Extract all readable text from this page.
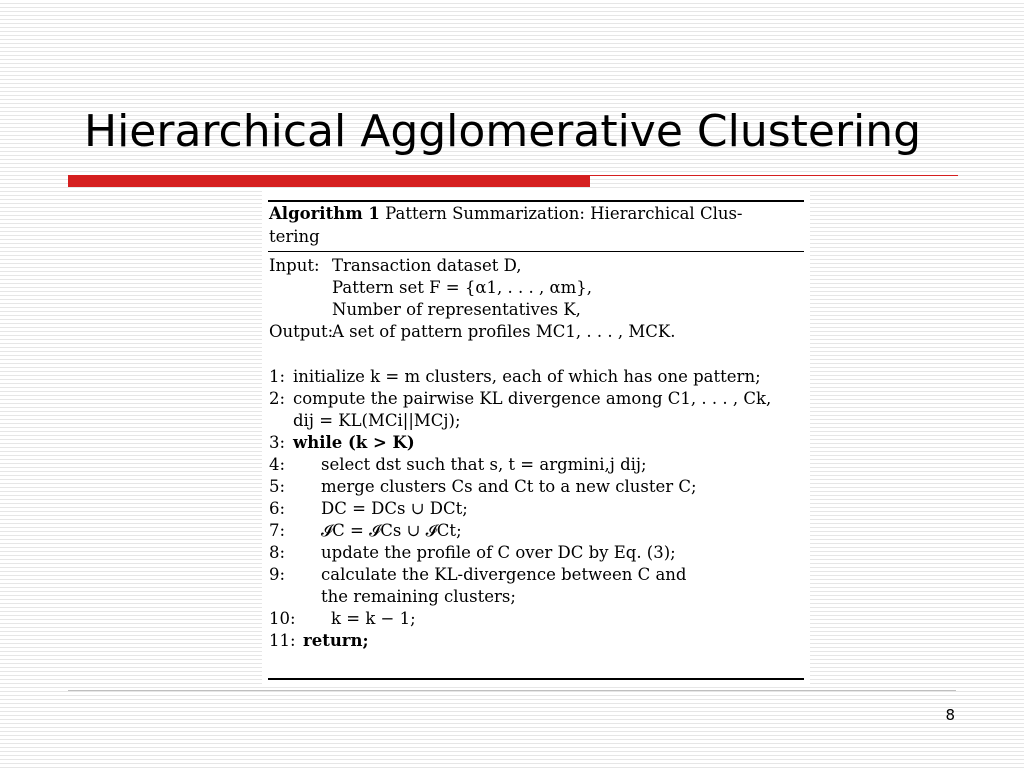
Hierarchical Agglomerative Clustering
Algorithm 1 Pattern Summarization: Hierarchical Clus-
tering
Input: Transaction dataset D,
Pattern set F = {α1, . . . , αm},
Number of representatives K,
Output:
A set of pattern profiles MC1, . . . , MCK.
1: initialize k = m clusters, each of which has one pattern;
2: compute the pairwise KL divergence among C1, . . . , Ck,
dij = KL(MCi||MCj);
3: while (k > K)
4: select dst such that s, t = argmini,j dij;
5: merge clusters Cs and Ct to a new cluster C;
6: DC = DCs ∪ DCt;
7: 𝓘C = 𝓘Cs ∪ 𝓘Ct;
8: update the profile of C over DC by Eq. (3);
9: calculate the KL-divergence between C and
the remaining clusters;
10: k = k − 1;
11: return;
8
